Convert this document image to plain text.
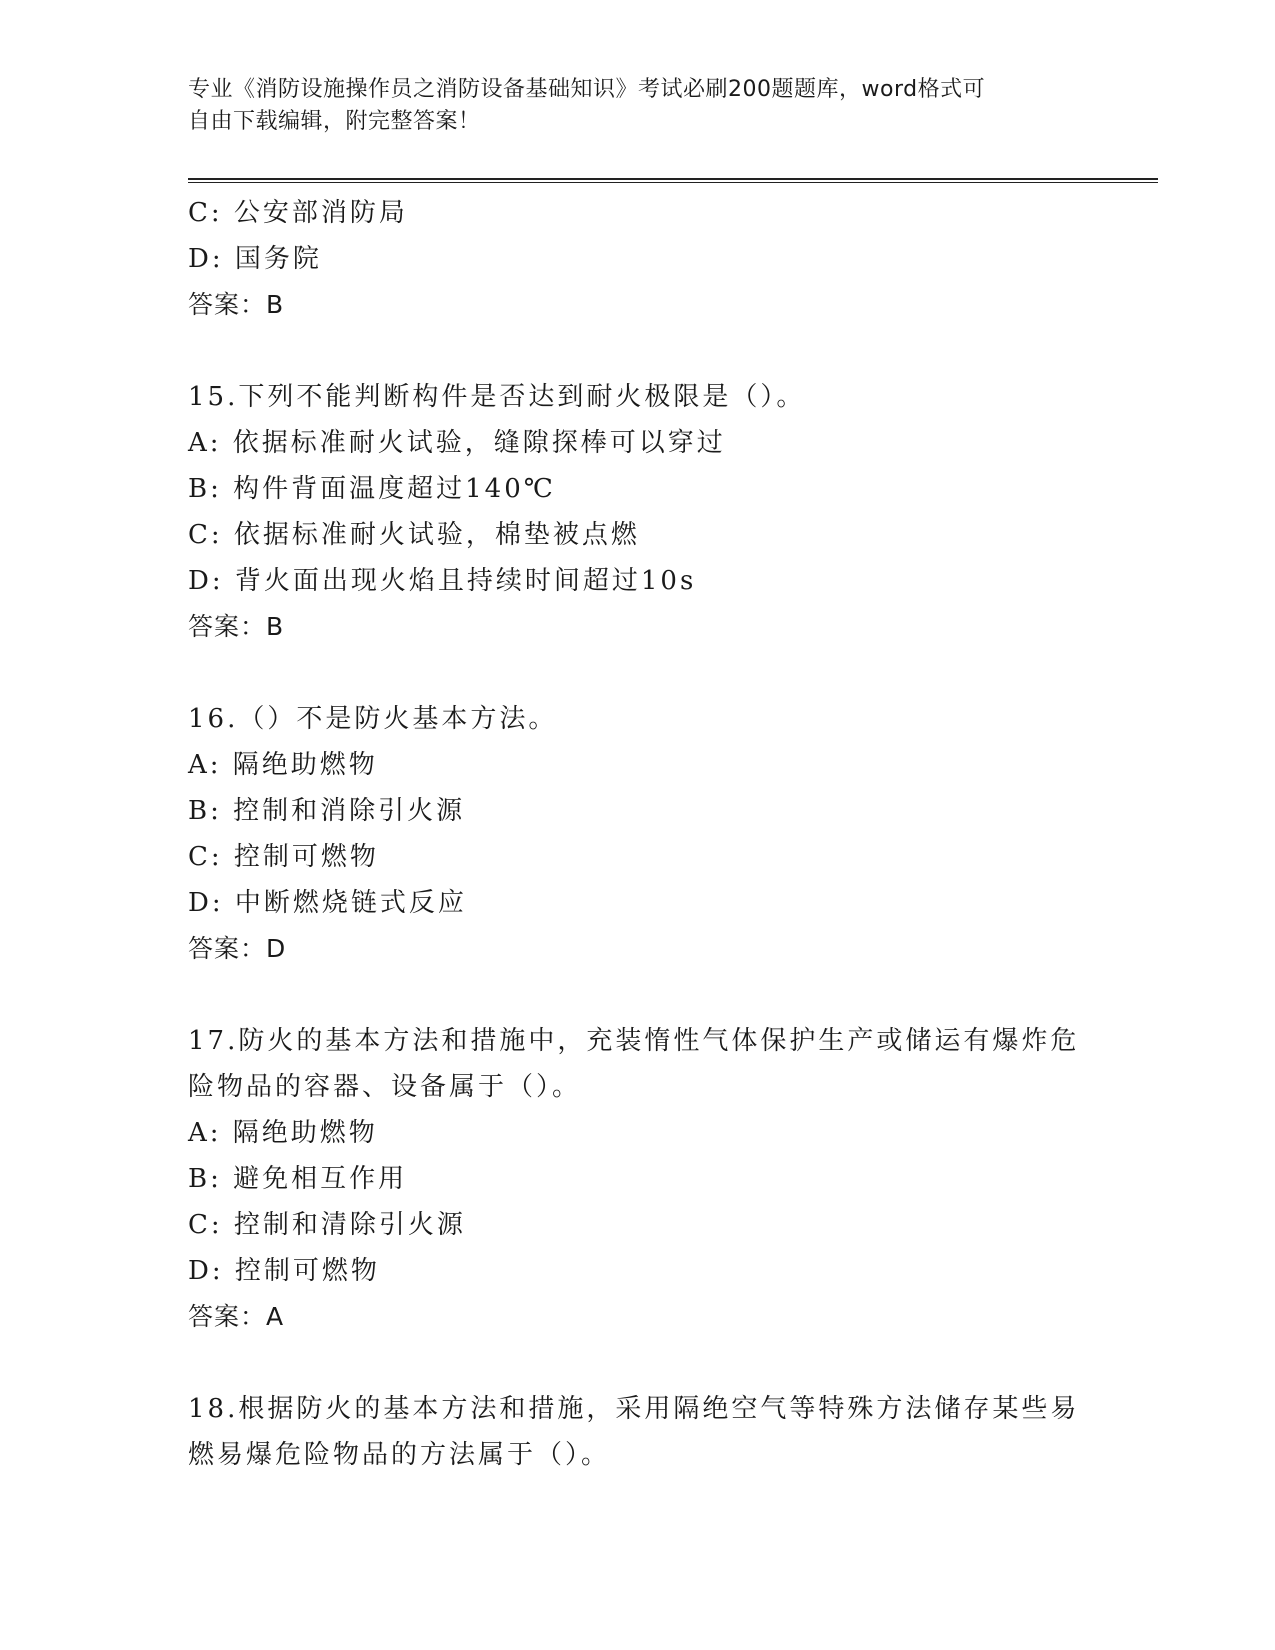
专业《消防设施操作员之消防设备基础知识》考试必刷200题题库，word格式可
自由下载编辑，附完整答案！
C: 公安部消防局
D: 国务院
答案：B
15.下列不能判断构件是否达到耐火极限是（）。
A: 依据标准耐火试验，缝隙探棒可以穿过
B: 构件背面温度超过140℃
C: 依据标准耐火试验，棉垫被点燃
D: 背火面出现火焰且持续时间超过10s
答案：B
16.（）不是防火基本方法。
A: 隔绝助燃物
B: 控制和消除引火源
C: 控制可燃物
D: 中断燃烧链式反应
答案：D
17.防火的基本方法和措施中，充装惰性气体保护生产或储运有爆炸危
险物品的容器、设备属于（）。
A: 隔绝助燃物
B: 避免相互作用
C: 控制和清除引火源
D: 控制可燃物
答案：A
18.根据防火的基本方法和措施，采用隔绝空气等特殊方法储存某些易
燃易爆危险物品的方法属于（）。
